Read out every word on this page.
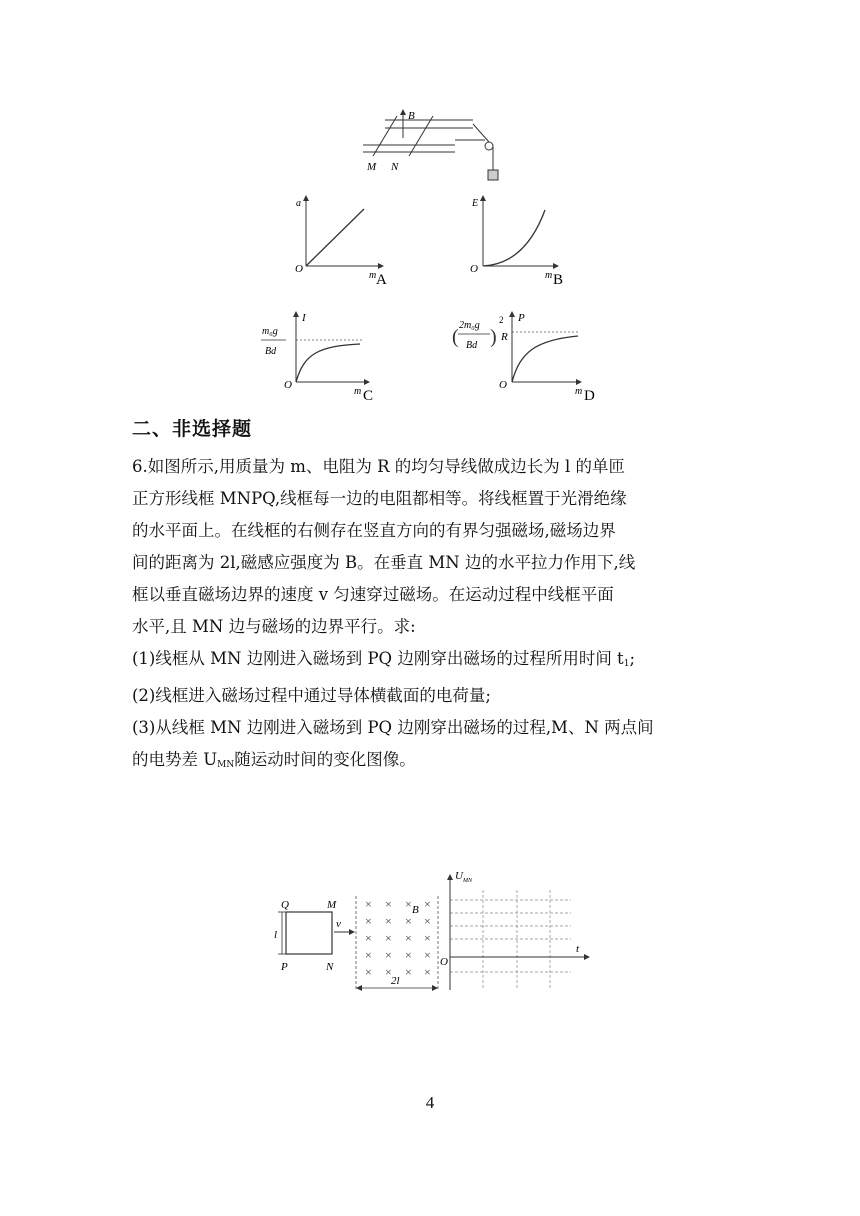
B
M N
a
O
m A
E
O
m B
m₀g
Bd
I
O
m C
(
2m₀g
Bd )
2
R
P
O
m D
二、非选择题

6.如图所示,用质量为 m、电阻为 R 的均匀导线做成边长为 l 的单匝

正方形线框 MNPQ,线框每一边的电阻都相等。将线框置于光滑绝缘

的水平面上。在线框的右侧存在竖直方向的有界匀强磁场,磁场边界

间的距离为 2l,磁感应强度为 B。在垂直 MN 边的水平拉力作用下,线

框以垂直磁场边界的速度 v 匀速穿过磁场。在运动过程中线框平面

水平,且 MN 边与磁场的边界平行。求:

(1)线框从 MN 边刚进入磁场到 PQ 边刚穿出磁场的过程所用时间 $t_1$;

(2)线框进入磁场过程中通过导体横截面的电荷量;

(3)从线框 MN 边刚进入磁场到 PQ 边刚穿出磁场的过程,M、N 两点间

的电势差 $U_{MN}$随运动时间的变化图像。

Q	M
l
P	N
v
× × × ×
× × × ×
× × × ×
× × × ×
× × × ×
B
2l
U MN
t
O
4
